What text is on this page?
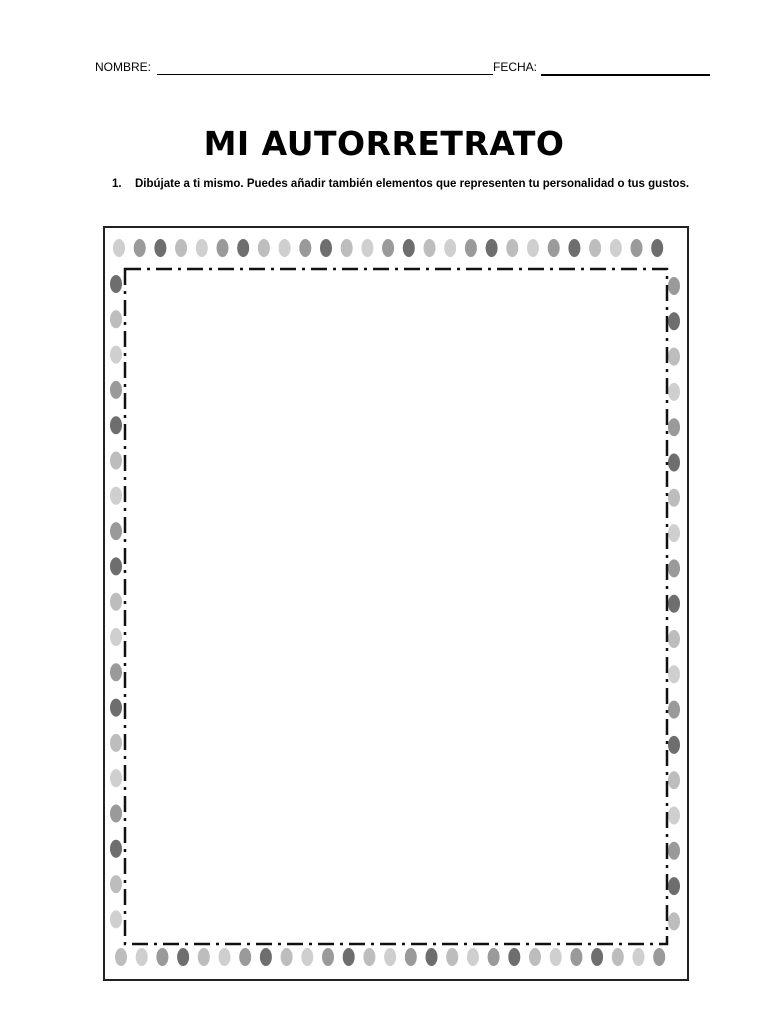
NOMBRE:	FECHA:
MI AUTORRETRATO
1. Dibújate a ti mismo. Puedes añadir también elementos que representen tu personalidad o tus gustos.
